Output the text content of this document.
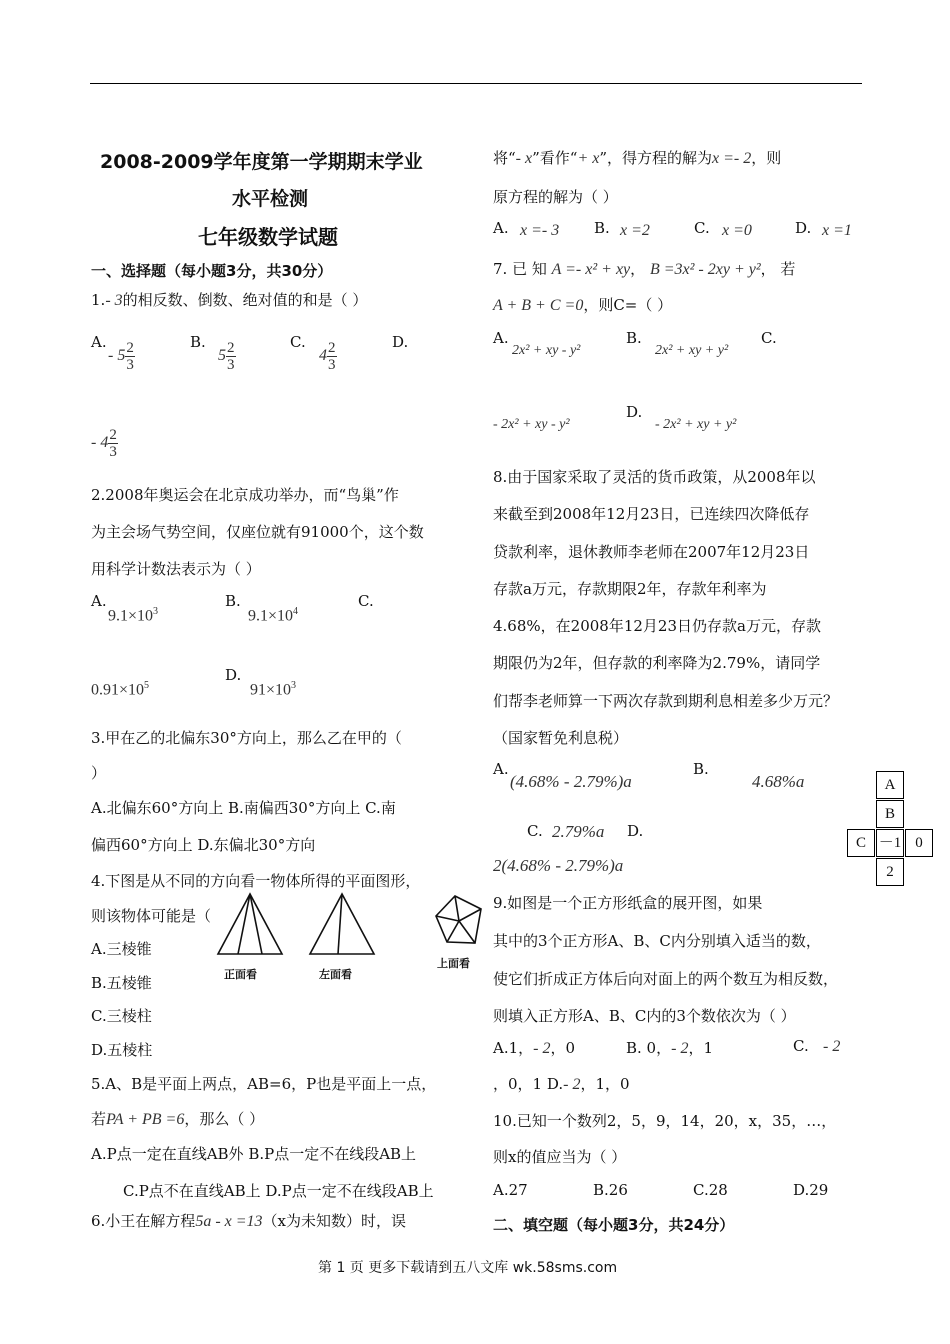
2008-2009学年度第一学期期末学业
水平检测
七年级数学试题
一、选择题（每小题3分，共30分）
1.- 3的相反数、倒数、绝对值的和是（ ）
A.	B.	C.	D.
- $5 \frac{2}{3}$	$5 \frac{2}{3}$	$4 \frac{2}{3}$
- $4 \frac{2}{3}$
2.2008年奥运会在北京成功举办，而“鸟巢”作
为主会场气势空间，仅座位就有91000个，这个数
用科学计数法表示为（ ）
A.	B.	C.
D.
$9.1\times 10^3$	$9.1\times 10^4$
$0.91\times 10^5$	$91\times 10^3$
3.甲在乙的北偏东30°方向上，那么乙在甲的（
）
A.北偏东60°方向上 B.南偏西30°方向上 C.南
偏西60°方向上 D.东偏北30°方向
4.下图是从不同的方向看一物体所得的平面图形，
则该物体可能是（
A.三棱锥
B.五棱锥
C.三棱柱
D.五棱柱
正面看	左面看
上面看
5.A、B是平面上两点，AB=6，P也是平面上一点，
若PA + PB =6，那么（ ）
A.P点一定在直线AB外 B.P点一定不在线段AB上
C.P点不在直线AB上 D.P点一定不在线段AB上
6.小王在解方程5a - x =13（x为未知数）时，误
将“- x”看作“+ x”，得方程的解为x =- 2，则
原方程的解为（ ）
A. x =- 3 B. x =2	C. x =0	D. x =1
7. 已 知 A =- x² + xy， B =3x² - 2xy + y²， 若
A + B + C =0，则C=（ ）
A.
2x² + xy - y²
B.
2x² + xy + y²
C.
- 2x² + xy - y²
D.
- 2x² + xy + y²
8.由于国家采取了灵活的货币政策，从2008年以
来截至到2008年12月23日，已连续四次降低存
贷款利率，退休教师李老师在2007年12月23日
存款a万元，存款期限2年，存款年利率为
4.68%，在2008年12月23日仍存款a万元，存款
期限仍为2年，但存款的利率降为2.79%，请同学
们帮李老师算一下两次存款到期利息相差多少万元？
（国家暂免利息税）
A.
(4.68% - 2.79%)a
B.
4.68%a
C. 2.79%a D.
2(4.68% - 2.79%)a
A
B
C －1 0
2
9.如图是一个正方形纸盒的展开图，如果
其中的3个正方形A、B、C内分别填入适当的数，
使它们折成正方体后向对面上的两个数互为相反数，
则填入正方形A、B、C内的3个数依次为（ ）
A.1，- 2，0	B. 0，- 2，1	C. - 2
，0，1 D.- 2，1，0
10.已知一个数列2，5，9，14，20，x，35，…，
则x的值应当为（ ）
A.27	B.26	C.28	D.29
二、填空题（每小题3分，共24分）
第 1 页 更多下载请到五八文库 wk.58sms.com
